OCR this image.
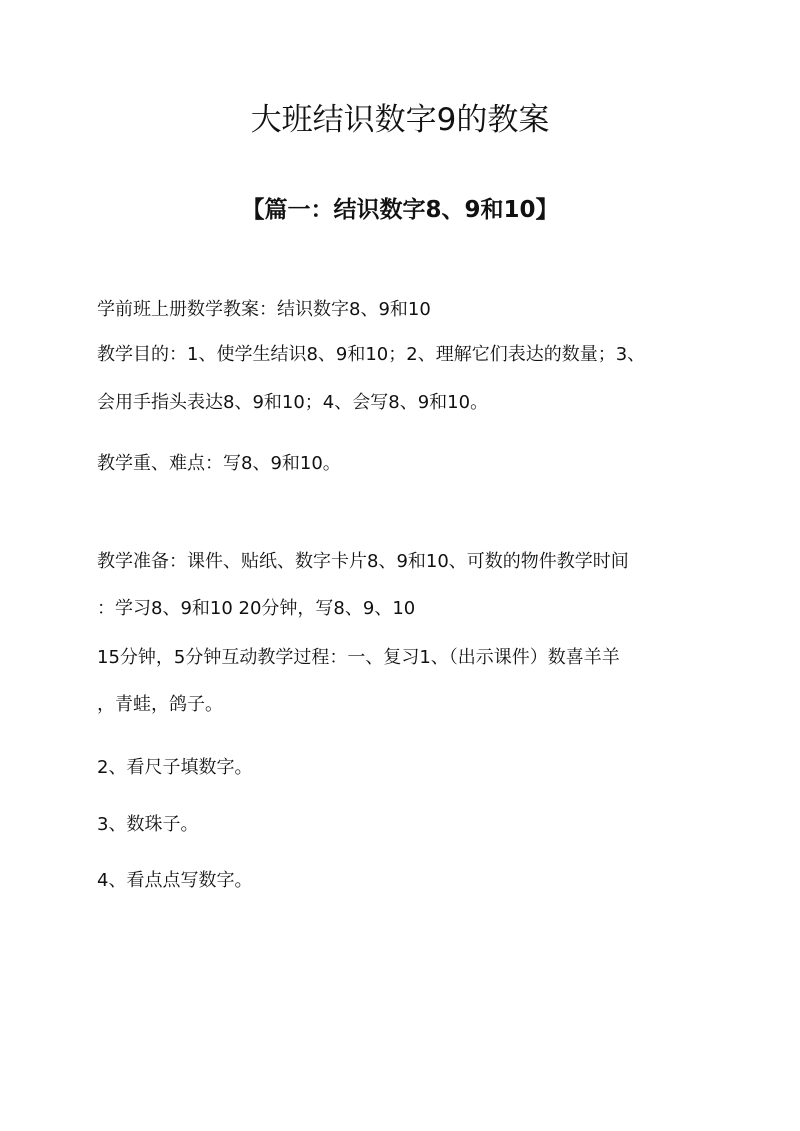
大班结识数字9的教案
【篇一：结识数字8、9和10】

学前班上册数学教案：结识数字8、9和10

教学目的：1、使学生结识8、9和10；2、理解它们表达的数量；3、

会用手指头表达8、9和10；4、会写8、9和10。

教学重、难点：写8、9和10。

教学准备：课件、贴纸、数字卡片8、9和10、可数的物件教学时间

：学习8、9和10 20分钟，写8、9、10

15分钟，5分钟互动教学过程：一、复习1、（出示课件）数喜羊羊

，青蛙，鸽子。

2、看尺子填数字。

3、数珠子。

4、看点点写数字。
